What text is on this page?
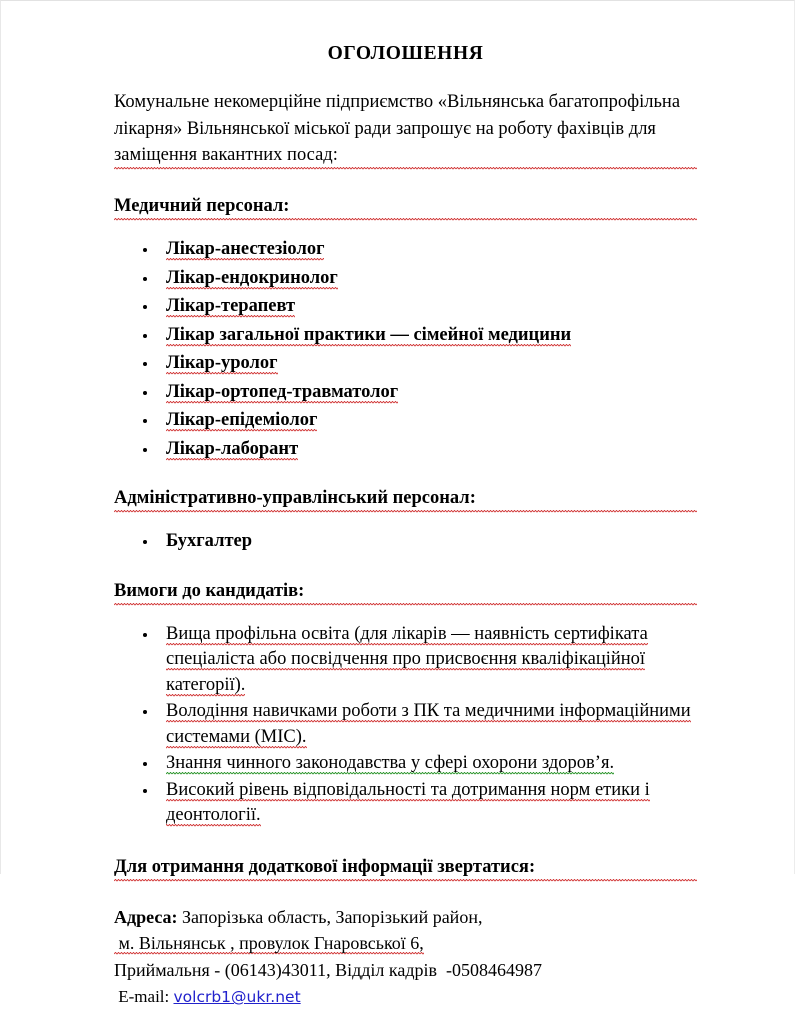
ОГОЛОШЕННЯ

Комунальне некомерційне підприємство «Вільнянська багатопрофільна лікарня» Вільнянської міської ради запрошує на роботу фахівців для заміщення вакантних посад:

Медичний персонал:

Лікар-анестезіолог
Лікар-ендокринолог
Лікар-терапевт
Лікар загальної практики — сімейної медицини
Лікар-уролог
Лікар-ортопед-травматолог
Лікар-епідеміолог
Лікар-лаборант

Адміністративно-управлінський персонал:

Бухгалтер

Вимоги до кандидатів:

Вища профільна освіта (для лікарів — наявність сертифіката спеціаліста або посвідчення про присвоєння кваліфікаційної категорії).
Володіння навичками роботи з ПК та медичними інформаційними системами (МІС).
Знання чинного законодавства у сфері охорони здоров’я.
Високий рівень відповідальності та дотримання норм етики і деонтології.

Для отримання додаткової інформації звертатися:

Адреса: Запорізька область, Запорізький район,
м. Вільнянськ , провулок Гнаровської 6,
Приймальня - (06143)43011, Відділ кадрів  -0508464987
E-mail: volcrb1@ukr.net
